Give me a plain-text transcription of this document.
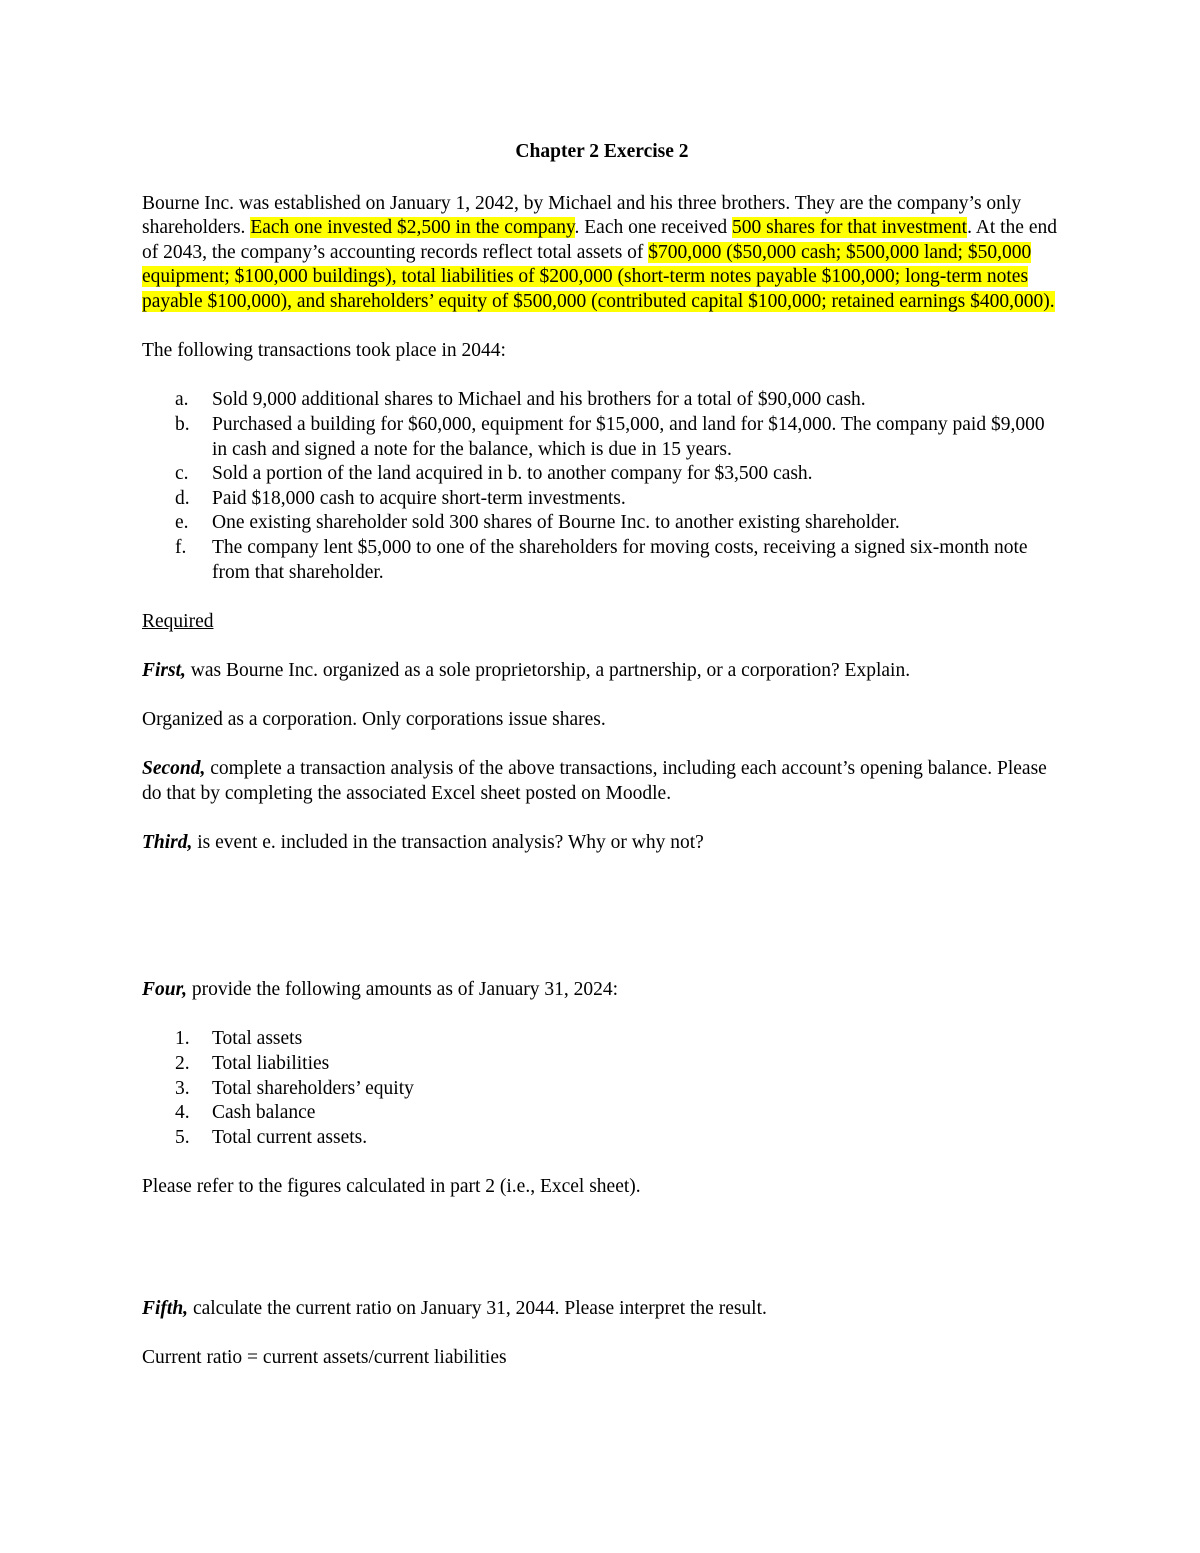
Chapter 2 Exercise 2

Bourne Inc. was established on January 1, 2042, by Michael and his three brothers. They are the company’s only shareholders. Each one invested $2,500 in the company. Each one received 500 shares for that investment. At the end of 2043, the company’s accounting records reflect total assets of $700,000 ($50,000 cash; $500,000 land; $50,000 equipment; $100,000 buildings), total liabilities of $200,000 (short-term notes payable $100,000; long-term notes payable $100,000), and shareholders’ equity of $500,000 (contributed capital $100,000; retained earnings $400,000).

The following transactions took place in 2044:

a. Sold 9,000 additional shares to Michael and his brothers for a total of $90,000 cash.
b. Purchased a building for $60,000, equipment for $15,000, and land for $14,000. The company paid $9,000 in cash and signed a note for the balance, which is due in 15 years.
c. Sold a portion of the land acquired in b. to another company for $3,500 cash.
d. Paid $18,000 cash to acquire short-term investments.
e. One existing shareholder sold 300 shares of Bourne Inc. to another existing shareholder.
f. The company lent $5,000 to one of the shareholders for moving costs, receiving a signed six-month note from that shareholder.

Required

First, was Bourne Inc. organized as a sole proprietorship, a partnership, or a corporation? Explain.

Organized as a corporation. Only corporations issue shares.

Second, complete a transaction analysis of the above transactions, including each account’s opening balance. Please do that by completing the associated Excel sheet posted on Moodle.

Third, is event e. included in the transaction analysis? Why or why not?

Four, provide the following amounts as of January 31, 2024:

1. Total assets
2. Total liabilities
3. Total shareholders’ equity
4. Cash balance
5. Total current assets.

Please refer to the figures calculated in part 2 (i.e., Excel sheet).

Fifth, calculate the current ratio on January 31, 2044. Please interpret the result.

Current ratio = current assets/current liabilities
